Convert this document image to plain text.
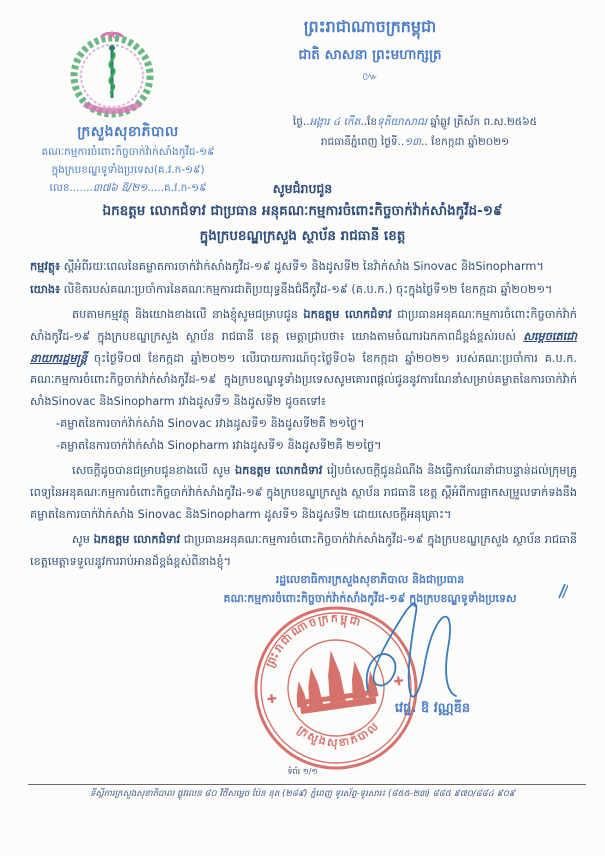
ក្រសួងសុខាភិបាល
គណៈកម្មការចំពោះកិច្ចចាក់វ៉ាក់សាំងកូវីដ-១៩
ក្នុងក្របខណ្ឌទូទាំងប្រទេស(គ.វ.ក-១៩)
លេខ.......៣៧៦ ឱ/២១.....គ.វ.ក-១៩
ព្រះរាជាណាចក្រកម្ពុជា
ជាតិ សាសនា ព្រះមហាក្សត្រ
៚
ថ្ងៃ..អង្គារ ៤ កើត..ខែទុតិយាសាឍ ឆ្នាំឆ្លូវ ត្រីស័ក ព.ស.២៥៦៥
រាជធានីភ្នំពេញ ថ្ងៃទី..១៣.. ខែកក្កដា ឆ្នាំ២០២១
សូមជំរាបជូន
ឯកឧត្តម លោកជំទាវ ជាប្រធាន អនុគណៈកម្មការចំពោះកិច្ចចាក់វ៉ាក់សាំងកូវីដ-១៩
ក្នុងក្របខណ្ឌក្រសួង ស្ថាប័ន រាជធានី ខេត្ត

កម្មវត្ថុ៖ ស្ដីអំពីរយៈពេលនៃគម្លាតការចាក់វ៉ាក់សាំងកូវីដ-១៩ ដូសទី១ និងដូសទី២ នៃវ៉ាក់សាំង Sinovac និងSinopharm។

យោង៖ លិខិតរបស់គណៈប្រចាំការនៃគណៈកម្មការជាតិប្រយុទ្ធនឹងជំងឺកូវីដ-១៩ (គ.ប.ក.) ចុះក្នុងថ្ងៃទី១២ ខែកក្កដា ឆ្នាំ២០២១។

តបតាមកម្មវត្ថុ និងយោងខាងលើ នាងខ្ញុំសូមជម្រាបជូន ឯកឧត្តម លោកជំទាវ ជាប្រធានអនុគណៈកម្មការចំពោះកិច្ចចាក់វ៉ាក់សាំងកូវីដ-១៩ ក្នុងក្របខណ្ឌក្រសួង ស្ថាប័ន រាជធានី ខេត្ត មេត្តាជ្រាបថា៖ យោងតាមចំណារឯកភាពដ៏ខ្ពង់ខ្ពស់របស់ សម្ដេចតេជោនាយករដ្ឋមន្ត្រី ចុះថ្ងៃទី០៧ ខែកក្កដា ឆ្នាំ២០២១ លើរបាយការណ៍ចុះថ្ងៃទី០៦ ខែកក្កដា ឆ្នាំ២០២១ របស់គណៈប្រចាំការ គ.ប.ក. គណៈកម្មការចំពោះកិច្ចចាក់វ៉ាក់សាំងកូវីដ-១៩ ក្នុងក្របខណ្ឌទូទាំងប្រទេសសូមគោរពផ្ដល់ជូននូវការណែនាំសម្រាប់គម្លាតនៃការចាក់វ៉ាក់សាំងSinovac និងSinopharm រវាងដូសទី១ និងដូសទី២ ដូចតទៅ៖

-គម្លាតនៃការចាក់វ៉ាក់សាំង Sinovac រវាងដូសទី១ និងដូសទី២គឺ ២១ថ្ងៃ។
-គម្លាតនៃការចាក់វ៉ាក់សាំង Sinopharm រវាងដូសទី១ និងដូសទី២គឺ ២១ថ្ងៃ។

សេចក្ដីដូចបានជម្រាបជូនខាងលើ សូម ឯកឧត្តម លោកជំទាវ រៀបចំសេចក្ដីជូនដំណឹង និងធ្វើការណែនាំជាបន្ទាន់ដល់ក្រុមគ្រូពេទ្យនៃអនុគណៈកម្មការចំពោះកិច្ចចាក់វ៉ាក់សាំងកូវីដ-១៩ ក្នុងក្របខណ្ឌក្រសួង ស្ថាប័ន រាជធានី ខេត្ត ស្ដីអំពីការផ្អាកសម្រួលទាក់ទងនឹងគម្លាតនៃការចាក់វ៉ាក់សាំង Sinovac និងSinopharm ដូសទី១ និងដូសទី២ ដោយសេចក្ដីអនុគ្រោះ។

សូម ឯកឧត្តម លោកជំទាវ ជាប្រធានអនុគណៈកម្មការចំពោះកិច្ចចាក់វ៉ាក់សាំងកូវីដ-១៩ ក្នុងក្របខណ្ឌក្រសួង ស្ថាប័ន រាជធានី ខេត្តមេត្តាទទួលនូវការរាប់អានដ៏ខ្ពង់ខ្ពស់ពីនាងខ្ញុំ។

រដ្ឋលេខាធិការក្រសួងសុខាភិបាល និងជាប្រធាន
គណៈកម្មការចំពោះកិច្ចចាក់វ៉ាក់សាំងកូវីដ-១៩ ក្នុងក្របខណ្ឌទូទាំងប្រទេស
ព្រះរាជាណាចក្រកម្ពុជា
ក្រសួងសុខាភិបាល
✚
✚
វេជ្ជ. ឱ វណ្ណឌីន
ទំព័រ ១/១
ទីស្ដីការក្រសួងសុខាភិបាល ផ្លូវលេខ ៨០ វិថីសម្ដេច ប៉ែន នុត (២៨៩) ភ្នំពេញ ទូរស័ព្ទ-ទូរសារ៖ (៨៥៥-២៣) ៨៨៥ ៩៧០/៨៨៤ ៩០៩
